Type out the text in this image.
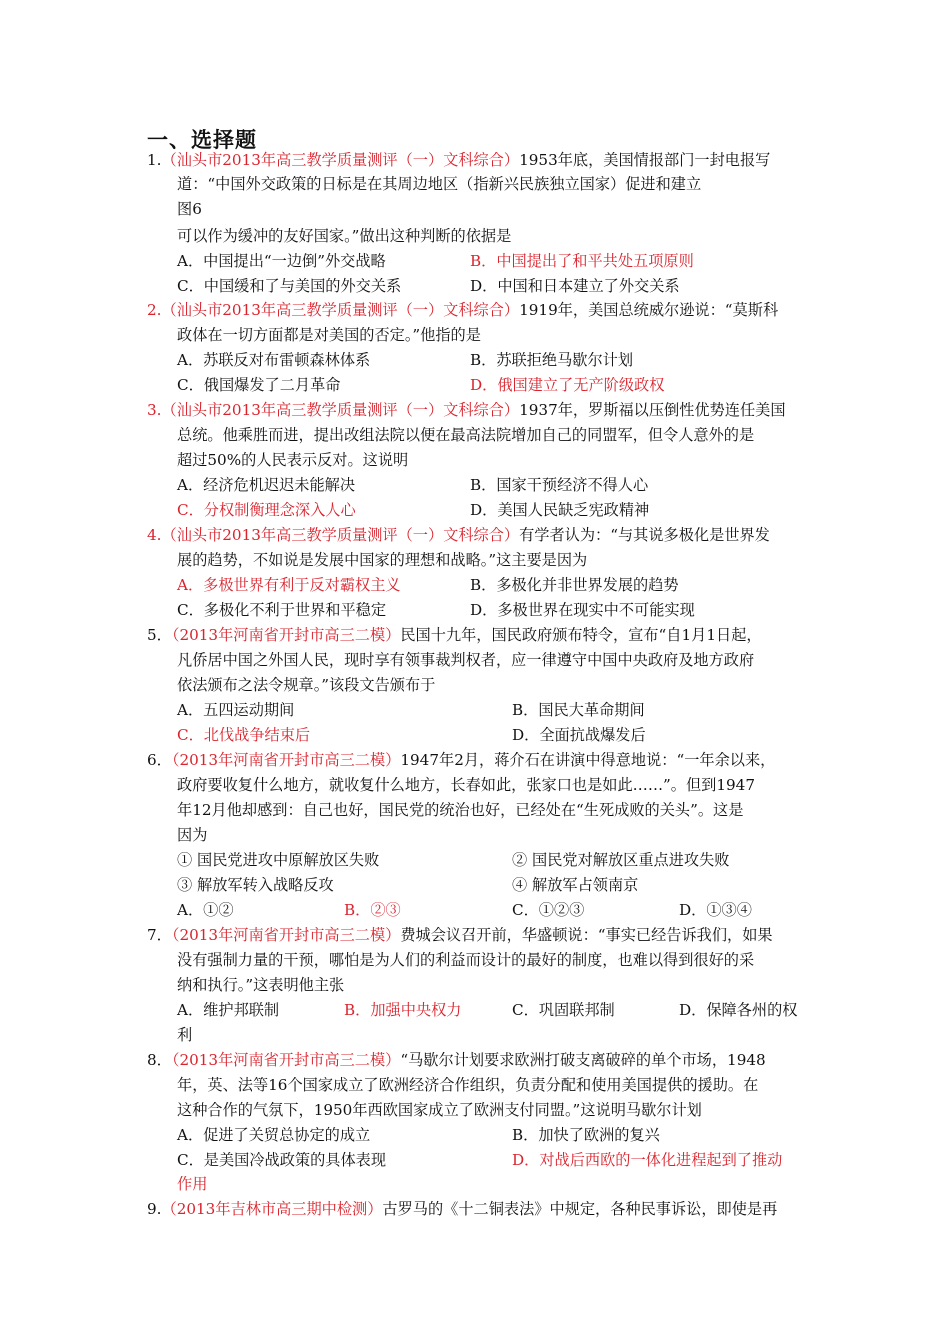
一、选择题
1.（汕头市2013年高三教学质量测评（一）文科综合）1953年底，美国情报部门一封电报写
道：“中国外交政策的日标是在其周边地区（指新兴民族独立国家）促进和建立
图6
可以作为缓冲的友好国家。”做出这种判断的依据是
A．中国提出“一边倒”外交战略	B．中国提出了和平共处五项原则
C．中国缓和了与美国的外交关系	D．中国和日本建立了外交关系
2.（汕头市2013年高三教学质量测评（一）文科综合）1919年，美国总统威尔逊说：“莫斯科
政体在一切方面都是对美国的否定。”他指的是
A．苏联反对布雷顿森林体系	B．苏联拒绝马歇尔计划
C．俄国爆发了二月革命	D．俄国建立了无产阶级政权
3.（汕头市2013年高三教学质量测评（一）文科综合）1937年，罗斯福以压倒性优势连任美国
总统。他乘胜而进，提出改组法院以便在最高法院增加自己的同盟军，但令人意外的是
超过50%的人民表示反对。这说明
A．经济危机迟迟未能解决	B．国家干预经济不得人心
C．分权制衡理念深入人心	D．美国人民缺乏宪政精神
4.（汕头市2013年高三教学质量测评（一）文科综合）有学者认为：“与其说多极化是世界发
展的趋势，不如说是发展中国家的理想和战略。”这主要是因为
A．多极世界有利于反对霸权主义	B．多极化并非世界发展的趋势
C．多极化不利于世界和平稳定	D．多极世界在现实中不可能实现
5．（2013年河南省开封市高三二模）民国十九年，国民政府颁布特令，宣布“自1月1日起，
凡侨居中国之外国人民，现时享有领事裁判权者，应一律遵守中国中央政府及地方政府
依法颁布之法令规章。”该段文告颁布于
A．五四运动期间	B．国民大革命期间
C．北伐战争结束后	D．全面抗战爆发后
6．（2013年河南省开封市高三二模）1947年2月，蒋介石在讲演中得意地说：“一年余以来，
政府要收复什么地方，就收复什么地方，长春如此，张家口也是如此……”。但到1947
年12月他却感到：自己也好，国民党的统治也好，已经处在“生死成败的关头”。这是
因为
① 国民党进攻中原解放区失败	② 国民党对解放区重点进攻失败
③ 解放军转入战略反攻	④ 解放军占领南京
A．①②	B．②③	C．①②③	D．①③④
7．（2013年河南省开封市高三二模）费城会议召开前，华盛顿说：“事实已经告诉我们，如果
没有强制力量的干预，哪怕是为人们的利益而设计的最好的制度，也难以得到很好的采
纳和执行。”这表明他主张
A．维护邦联制	B．加强中央权力	C．巩固联邦制	D．保障各州的权
利
8．（2013年河南省开封市高三二模）“马歇尔计划要求欧洲打破支离破碎的单个市场，1948
年，英、法等16个国家成立了欧洲经济合作组织，负责分配和使用美国提供的援助。在
这种合作的气氛下，1950年西欧国家成立了欧洲支付同盟。”这说明马歇尔计划
A．促进了关贸总协定的成立	B．加快了欧洲的复兴
C．是美国冷战政策的具体表现	D．对战后西欧的一体化进程起到了推动
作用
9.（2013年吉林市高三期中检测）古罗马的《十二铜表法》中规定，各种民事诉讼，即使是再
